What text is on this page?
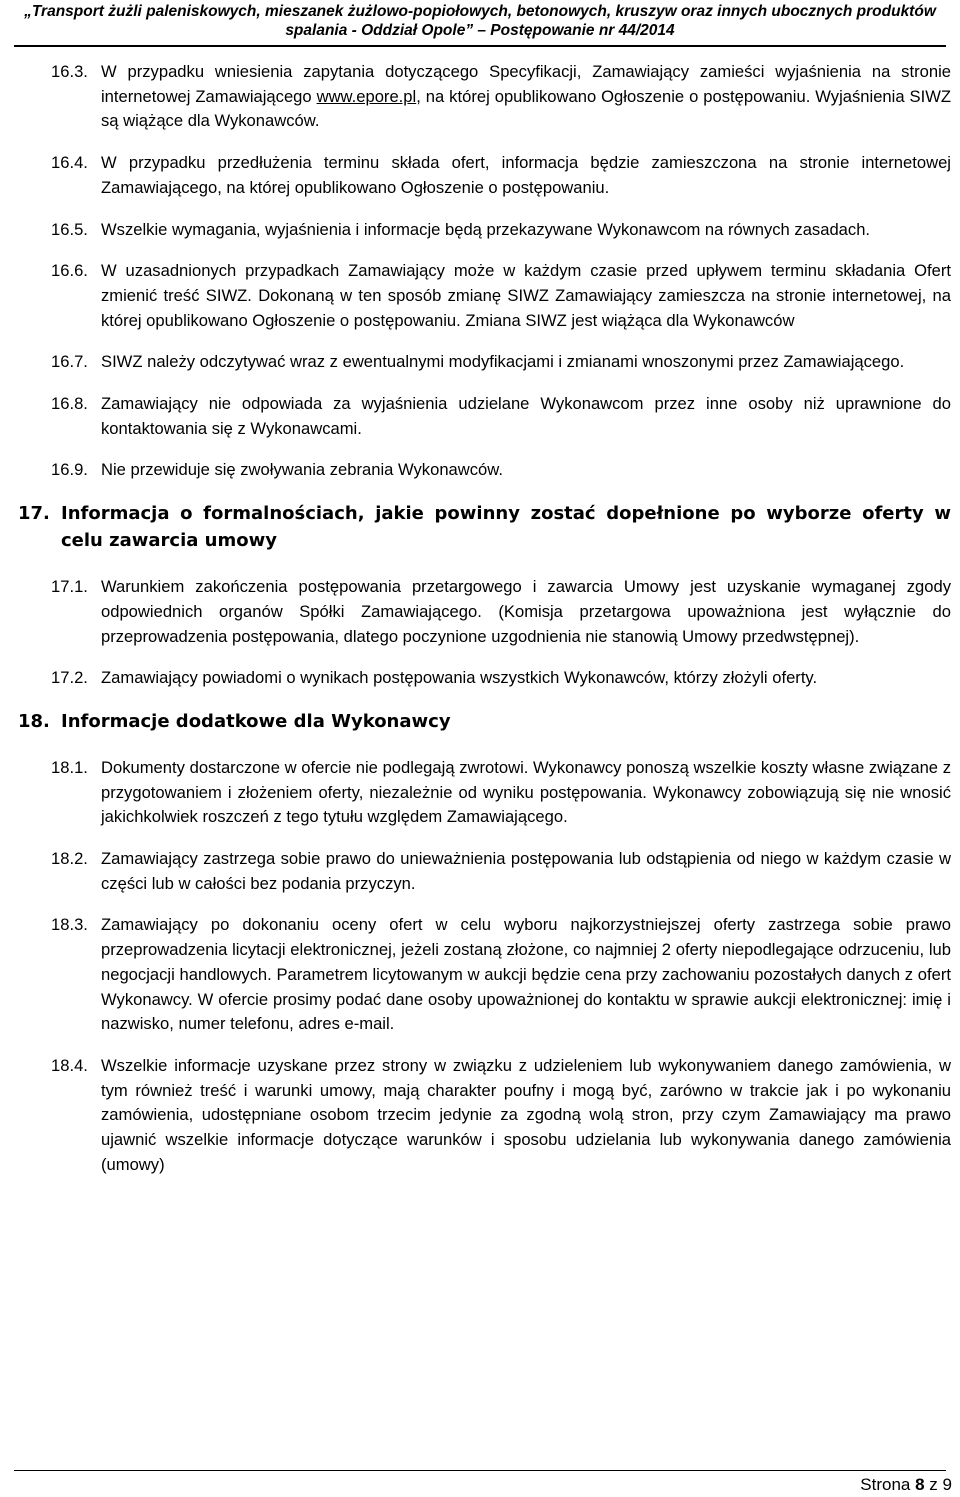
„Transport żużli paleniskowych, mieszanek żużlowo-popiołowych, betonowych, kruszyw oraz innych ubocznych produktów
spalania - Oddział Opole” – Postępowanie nr 44/2014
16.3. W przypadku wniesienia zapytania dotyczącego Specyfikacji, Zamawiający zamieści wyjaśnienia na stronie internetowej Zamawiającego www.epore.pl, na której opublikowano Ogłoszenie o postępowaniu. Wyjaśnienia SIWZ są wiążące dla Wykonawców.
16.4. W przypadku przedłużenia terminu składa ofert, informacja będzie zamieszczona na stronie internetowej Zamawiającego, na której opublikowano Ogłoszenie o postępowaniu.
16.5. Wszelkie wymagania, wyjaśnienia i informacje będą przekazywane Wykonawcom na równych zasadach.
16.6. W uzasadnionych przypadkach Zamawiający może w każdym czasie przed upływem terminu składania Ofert zmienić treść SIWZ. Dokonaną w ten sposób zmianę SIWZ Zamawiający zamieszcza na stronie internetowej, na której opublikowano Ogłoszenie o postępowaniu. Zmiana SIWZ jest wiążąca dla Wykonawców
16.7. SIWZ należy odczytywać wraz z ewentualnymi modyfikacjami i zmianami wnoszonymi przez Zamawiającego.
16.8. Zamawiający nie odpowiada za wyjaśnienia udzielane Wykonawcom przez inne osoby niż uprawnione do kontaktowania się z Wykonawcami.
16.9. Nie przewiduje się zwoływania zebrania Wykonawców.
17. Informacja o formalnościach, jakie powinny zostać dopełnione po wyborze oferty w celu zawarcia umowy
17.1. Warunkiem zakończenia postępowania przetargowego i zawarcia Umowy jest uzyskanie wymaganej zgody odpowiednich organów Spółki Zamawiającego. (Komisja przetargowa upoważniona jest wyłącznie do przeprowadzenia postępowania, dlatego poczynione uzgodnienia nie stanowią Umowy przedwstępnej).
17.2. Zamawiający powiadomi o wynikach postępowania wszystkich Wykonawców, którzy złożyli oferty.
18. Informacje dodatkowe dla Wykonawcy
18.1. Dokumenty dostarczone w ofercie nie podlegają zwrotowi. Wykonawcy ponoszą wszelkie koszty własne związane z przygotowaniem i złożeniem oferty, niezależnie od wyniku postępowania. Wykonawcy zobowiązują się nie wnosić jakichkolwiek roszczeń z tego tytułu względem Zamawiającego.
18.2. Zamawiający zastrzega sobie prawo do unieważnienia postępowania lub odstąpienia od niego w każdym czasie w części lub w całości bez podania przyczyn.
18.3. Zamawiający po dokonaniu oceny ofert w celu wyboru najkorzystniejszej oferty zastrzega sobie prawo przeprowadzenia licytacji elektronicznej, jeżeli zostaną złożone, co najmniej 2 oferty niepodlegające odrzuceniu, lub negocjacji handlowych. Parametrem licytowanym w aukcji będzie cena przy zachowaniu pozostałych danych z ofert Wykonawcy. W ofercie prosimy podać dane osoby upoważnionej do kontaktu w sprawie aukcji elektronicznej: imię i nazwisko, numer telefonu, adres e-mail.
18.4. Wszelkie informacje uzyskane przez strony w związku z udzieleniem lub wykonywaniem danego zamówienia, w tym również treść i warunki umowy, mają charakter poufny i mogą być, zarówno w trakcie jak i po wykonaniu zamówienia, udostępniane osobom trzecim jedynie za zgodną wolą stron, przy czym Zamawiający ma prawo ujawnić wszelkie informacje dotyczące warunków i sposobu udzielania lub wykonywania danego zamówienia (umowy)
Strona 8 z 9
